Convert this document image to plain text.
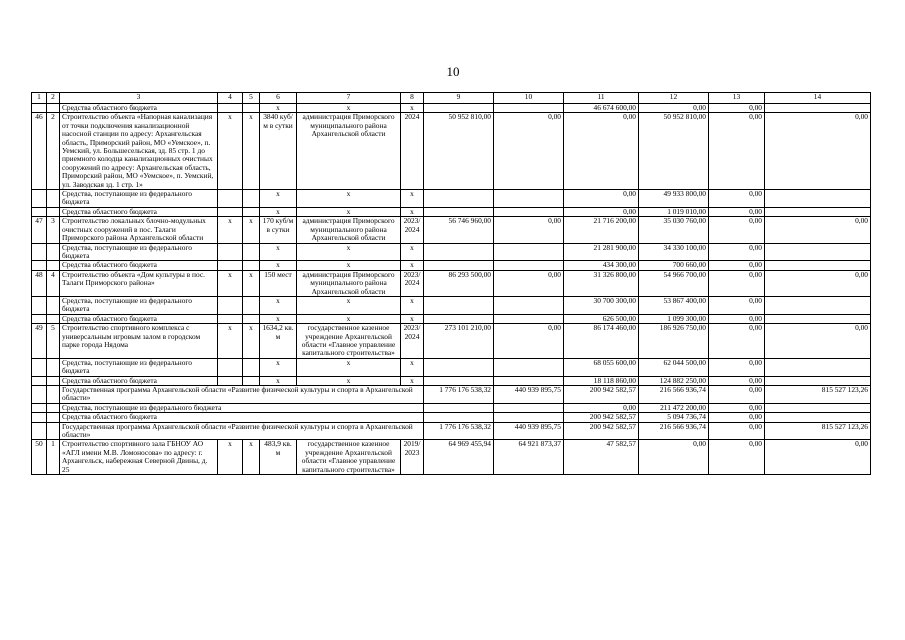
10
1	2	3	4	5	6	7	8	9	10	11	12	13	14
		Средства областного бюджета			х	х	х			46 674 600,00	0,00	0,00	
46	2	Строительство объекта «Напорная канализация от точки подключения канализационной насосной станции по адресу: Архангельская область, Приморский район, МО «Уемское», п. Уемский, ул. Большесельская, зд. 85 стр. 1 до приемного колодца канализационных очистных сооружений по адресу: Архангельская область, Приморский район, МО «Уемское», п. Уемский, ул. Заводская зд. 1 стр. 1»	х	х	3840 куб/м в сутки	администрация Приморского муниципального района Архангельской области	2024	50 952 810,00	0,00	0,00	50 952 810,00	0,00	0,00
		Средства, поступающие из федерального бюджета			х	х	х			0,00	49 933 800,00	0,00	
		Средства областного бюджета			х	х	х			0,00	1 019 010,00	0,00	
47	3	Строительство локальных блочно-модульных очистных сооружений в пос. Талаги Приморского района Архангельской области	х	х	170 куб/м в сутки	администрация Приморского муниципального района Архангельской области	2023/ 2024	56 746 960,00	0,00	21 716 200,00	35 030 760,00	0,00	0,00
		Средства, поступающие из федерального бюджета			х	х	х			21 281 900,00	34 330 100,00	0,00	
		Средства областного бюджета			х	х	х			434 300,00	700 660,00	0,00	
48	4	Строительство объекта «Дом культуры в пос. Талаги Приморского района»	х	х	150 мест	администрация Приморского муниципального района Архангельской области	2023/ 2024	86 293 500,00	0,00	31 326 800,00	54 966 700,00	0,00	0,00
		Средства, поступающие из федерального бюджета			х	х	х			30 700 300,00	53 867 400,00	0,00	
		Средства областного бюджета			х	х	х			626 500,00	1 099 300,00	0,00	
49	5	Строительство спортивного комплекса с универсальным игровым залом в городском парке города Нядома	х	х	1634,2 кв. м	государственное казенное учреждение Архангельской области «Главное управление капитального строительства»	2023/ 2024	273 101 210,00	0,00	86 174 460,00	186 926 750,00	0,00	0,00
		Средства, поступающие из федерального бюджета			х	х	х			68 055 600,00	62 044 500,00	0,00	
		Средства областного бюджета			х	х	х			18 118 860,00	124 882 250,00	0,00	
		Государственная программа Архангельской области «Развитие физической культуры и спорта в Архангельской области»						1 776 176 538,32	440 939 895,75	200 942 582,57	216 566 936,74	0,00	815 527 123,26
		Средства, поступающие из федерального бюджета								0,00	211 472 200,00	0,00	
		Средства областного бюджета								200 942 582,57	5 094 736,74	0,00	
		Государственная программа Архангельской области «Развитие физической культуры и спорта в Архангельской области»						1 776 176 538,32	440 939 895,75	200 942 582,57	216 566 936,74	0,00	815 527 123,26
50	1	Строительство спортивного зала ГБНОУ АО «АГЛ имени М.В. Ломоносова» по адресу: г. Архангельск, набережная Северной Двины, д. 25	х	х	483,9 кв. м	государственное казенное учреждение Архангельской области «Главное управление капитального строительства»	2019/ 2023	64 969 455,94	64 921 873,37	47 582,57	0,00	0,00	0,00
